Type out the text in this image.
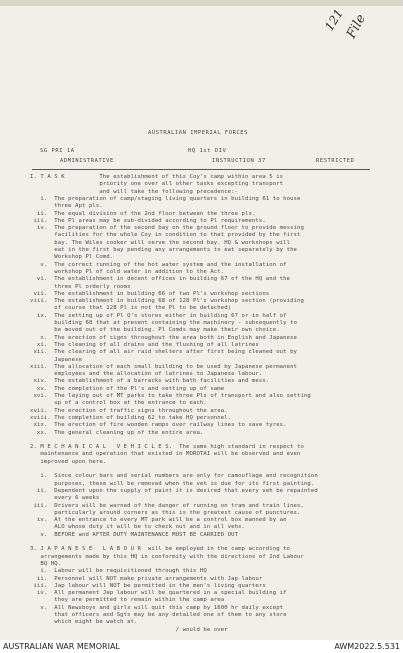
121
File
AUSTRALIAN IMPERIAL FORCES
SG PRI 1A	HQ 1st DIV
ADMINISTRATIVE	INSTRUCTION 37	RESTRICTED
I. T A S K          The establishment of this Coy's camp within area 5 is
priority one over all other tasks excepting transport
and will take the following precedence:-
i.  The preparation of camp/staging living quarters in building 61 to house
three Apt pls.
ii.  The equal division of the 2nd floor between the three pls.
iii.  The Pl areas may be sub-divided according to Pl requirements.
iv.  The preparation of the second bay on the ground floor to provide messing
facilities for the whole Coy in condition to that provided by the first
bay. The Wiles cooker will serve the second bay. HQ & workshops will
eat in the first bay pending any arrangements to eat separately by the
Workshop Pl Comd.
v.  The correct running of the hot water system and the installation of
workshop Pl of cold water in addition to the Act.
vi.  The establishment in decent offices in building 67 of the HQ and the
three Pl orderly rooms
vii.  The establishment in building 66 of two Pl's workshop sections
viii.  The establishment in building 68 of 128 Pl's workshop section (providing
of course that 128 Pl is not the Pl to be detached)
ix.  The setting up of Pl Q's stores either in building 67 or in half of
building 68 that at present containing the machinery - subsequently to
be moved out of the building. Pl Comds may make their own choice.
x.  The erection of signs throughout the area both in English and Japanese
xi.  The cleaning of all drains and the flushing of all latrines
xii.  The clearing of all air raid shelters after first being cleaned out by
Japanese
xiii.  The allocation of each small building to be used by Japanese permanent
employees and the allocation of latrines to Japanese labour.
xiv.  The establishment of a barracks with bath facilities and mess.
xv.  The completion of the Pl's and setting up of same
xvi.  The laying out of MT parks to take three Pls of transport and also setting
up of a control box at the entrance to each.
xvii.  The erection of traffic signs throughout the area.
xviii. The completion of building 62 to take HQ personnel.
xix.  The erection of fire wooden ramps over railway lines to save tyres.
xx.  The general cleaning up of the entire area.
2. M E C H A N I C A L   V E H I C L E S.  The same high standard in respect to
maintenance and operation that existed in MOROTAI will be observed and even
improved upon here.
i.  Since colour bars and serial numbers are only for camouflage and recognition
purposes, these will be removed when the veh is due for its first painting.
ii.  Dependent upon the supply of paint it is desired that every veh be repainted
every 6 weeks
iii.  Drivers will be warned of the danger of running on tram and train lines,
particularly around corners as this is the greatest cause of punctures.
iv.  At the entrance to every MT park will be a control box manned by an
ALO whose duty it will be to check out and in all vehs.
v.  BEFORE and AFTER DUTY MAINTENANCE MUST BE CARRIED OUT
3. J A P A N E S E   L A B O U R  will be employed in the camp according to
arrangements made by this HQ in conformity with the directions of 2nd Labour
BQ HQ.
i.  Labour will be requisitioned through this HQ
ii.  Personnel will NOT make private arrangements with Jap labour
iii.  Jap labour will NOT be permitted in the men's living quarters
iv.  All permanent Jap labour will be quartered in a special building if
they are permitted to remain within the camp area
v.  All Newsboys and girls will quit this camp by 1600 hr daily except
that officers and Sgts may be any detailed one of them to any store
which might be watch at.
/ would be over
AUSTRALIAN WAR MEMORIAL	AWM2022.5.531
